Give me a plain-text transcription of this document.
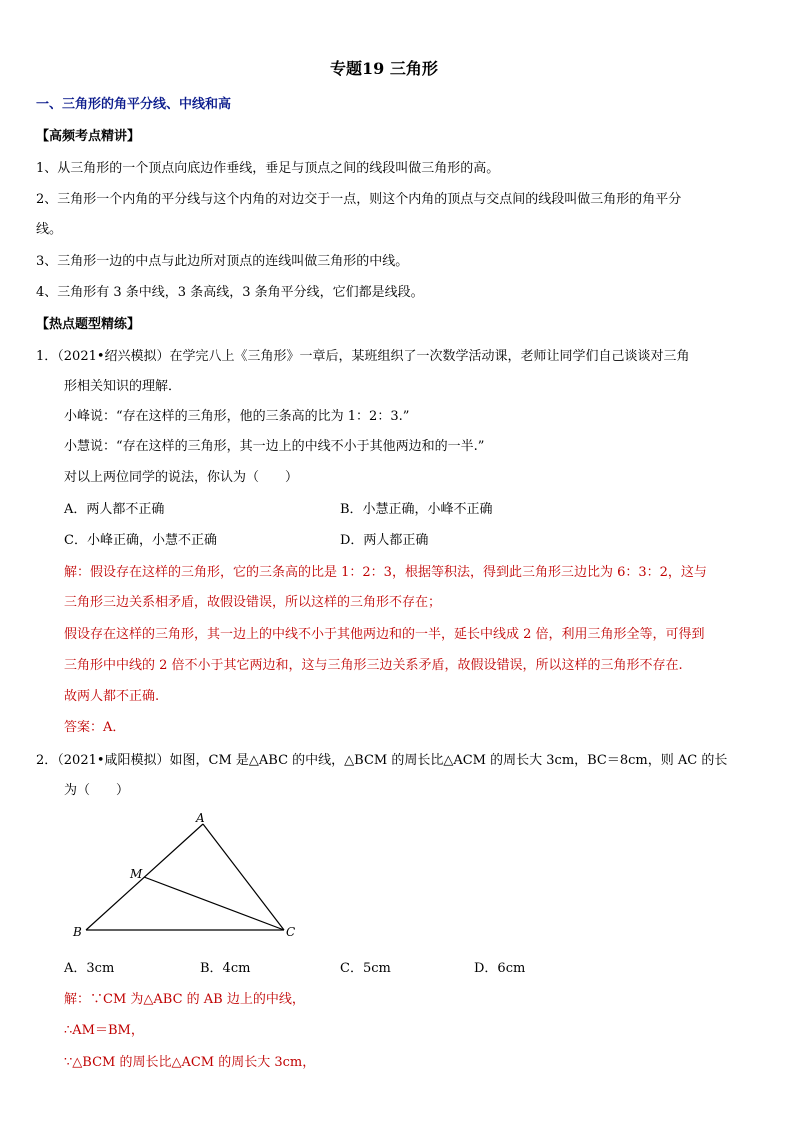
专题19 三角形
一、三角形的角平分线、中线和高
【高频考点精讲】
1、从三角形的一个顶点向底边作垂线，垂足与顶点之间的线段叫做三角形的高。
2、三角形一个内角的平分线与这个内角的对边交于一点，则这个内角的顶点与交点间的线段叫做三角形的角平分
线。
3、三角形一边的中点与此边所对顶点的连线叫做三角形的中线。
4、三角形有 3 条中线，3 条高线，3 条角平分线，它们都是线段。
【热点题型精练】
1．（2021•绍兴模拟）在学完八上《三角形》一章后，某班组织了一次数学活动课，老师让同学们自己谈谈对三角
形相关知识的理解．
小峰说：“存在这样的三角形，他的三条高的比为 1：2：3.”
小慧说：“存在这样的三角形，其一边上的中线不小于其他两边和的一半.”
对以上两位同学的说法，你认为（　　）
A．两人都不正确	B．小慧正确，小峰不正确
C．小峰正确，小慧不正确	D．两人都正确
解：假设存在这样的三角形，它的三条高的比是 1：2：3，根据等积法，得到此三角形三边比为 6：3：2，这与
三角形三边关系相矛盾，故假设错误，所以这样的三角形不存在；
假设存在这样的三角形，其一边上的中线不小于其他两边和的一半，延长中线成 2 倍，利用三角形全等，可得到
三角形中中线的 2 倍不小于其它两边和，这与三角形三边关系矛盾，故假设错误，所以这样的三角形不存在.
故两人都不正确.
答案：A．
2．（2021•咸阳模拟）如图，CM 是△ABC 的中线，△BCM 的周长比△ACM 的周长大 3cm，BC＝8cm，则 AC 的长
为（　　）
A
M
B	C
A．3cm	B．4cm	C．5cm	D．6cm
解：∵CM 为△ABC 的 AB 边上的中线，
∴AM＝BM，
∵△BCM 的周长比△ACM 的周长大 3cm，
